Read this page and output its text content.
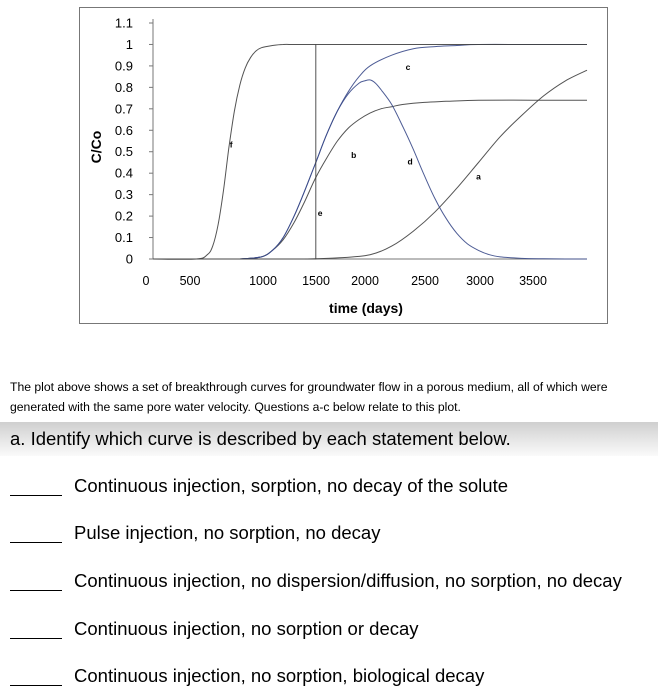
0
0.1
0.2
0.3
0.4
0.5
0.6
0.7
0.8
0.9
1
1.1
0 500	1000 1500 2000	2500 3000 3500
time (days)
C/Co
a
b
c
d
e
f
The plot above shows a set of breakthrough curves for groundwater flow in a porous medium, all of which were
generated with the same pore water velocity. Questions a-c below relate to this plot.
a. Identify which curve is described by each statement below.
Continuous injection, sorption, no decay of the solute
Pulse injection, no sorption, no decay
Continuous injection, no dispersion/diffusion, no sorption, no decay
Continuous injection, no sorption or decay
Continuous injection, no sorption, biological decay
